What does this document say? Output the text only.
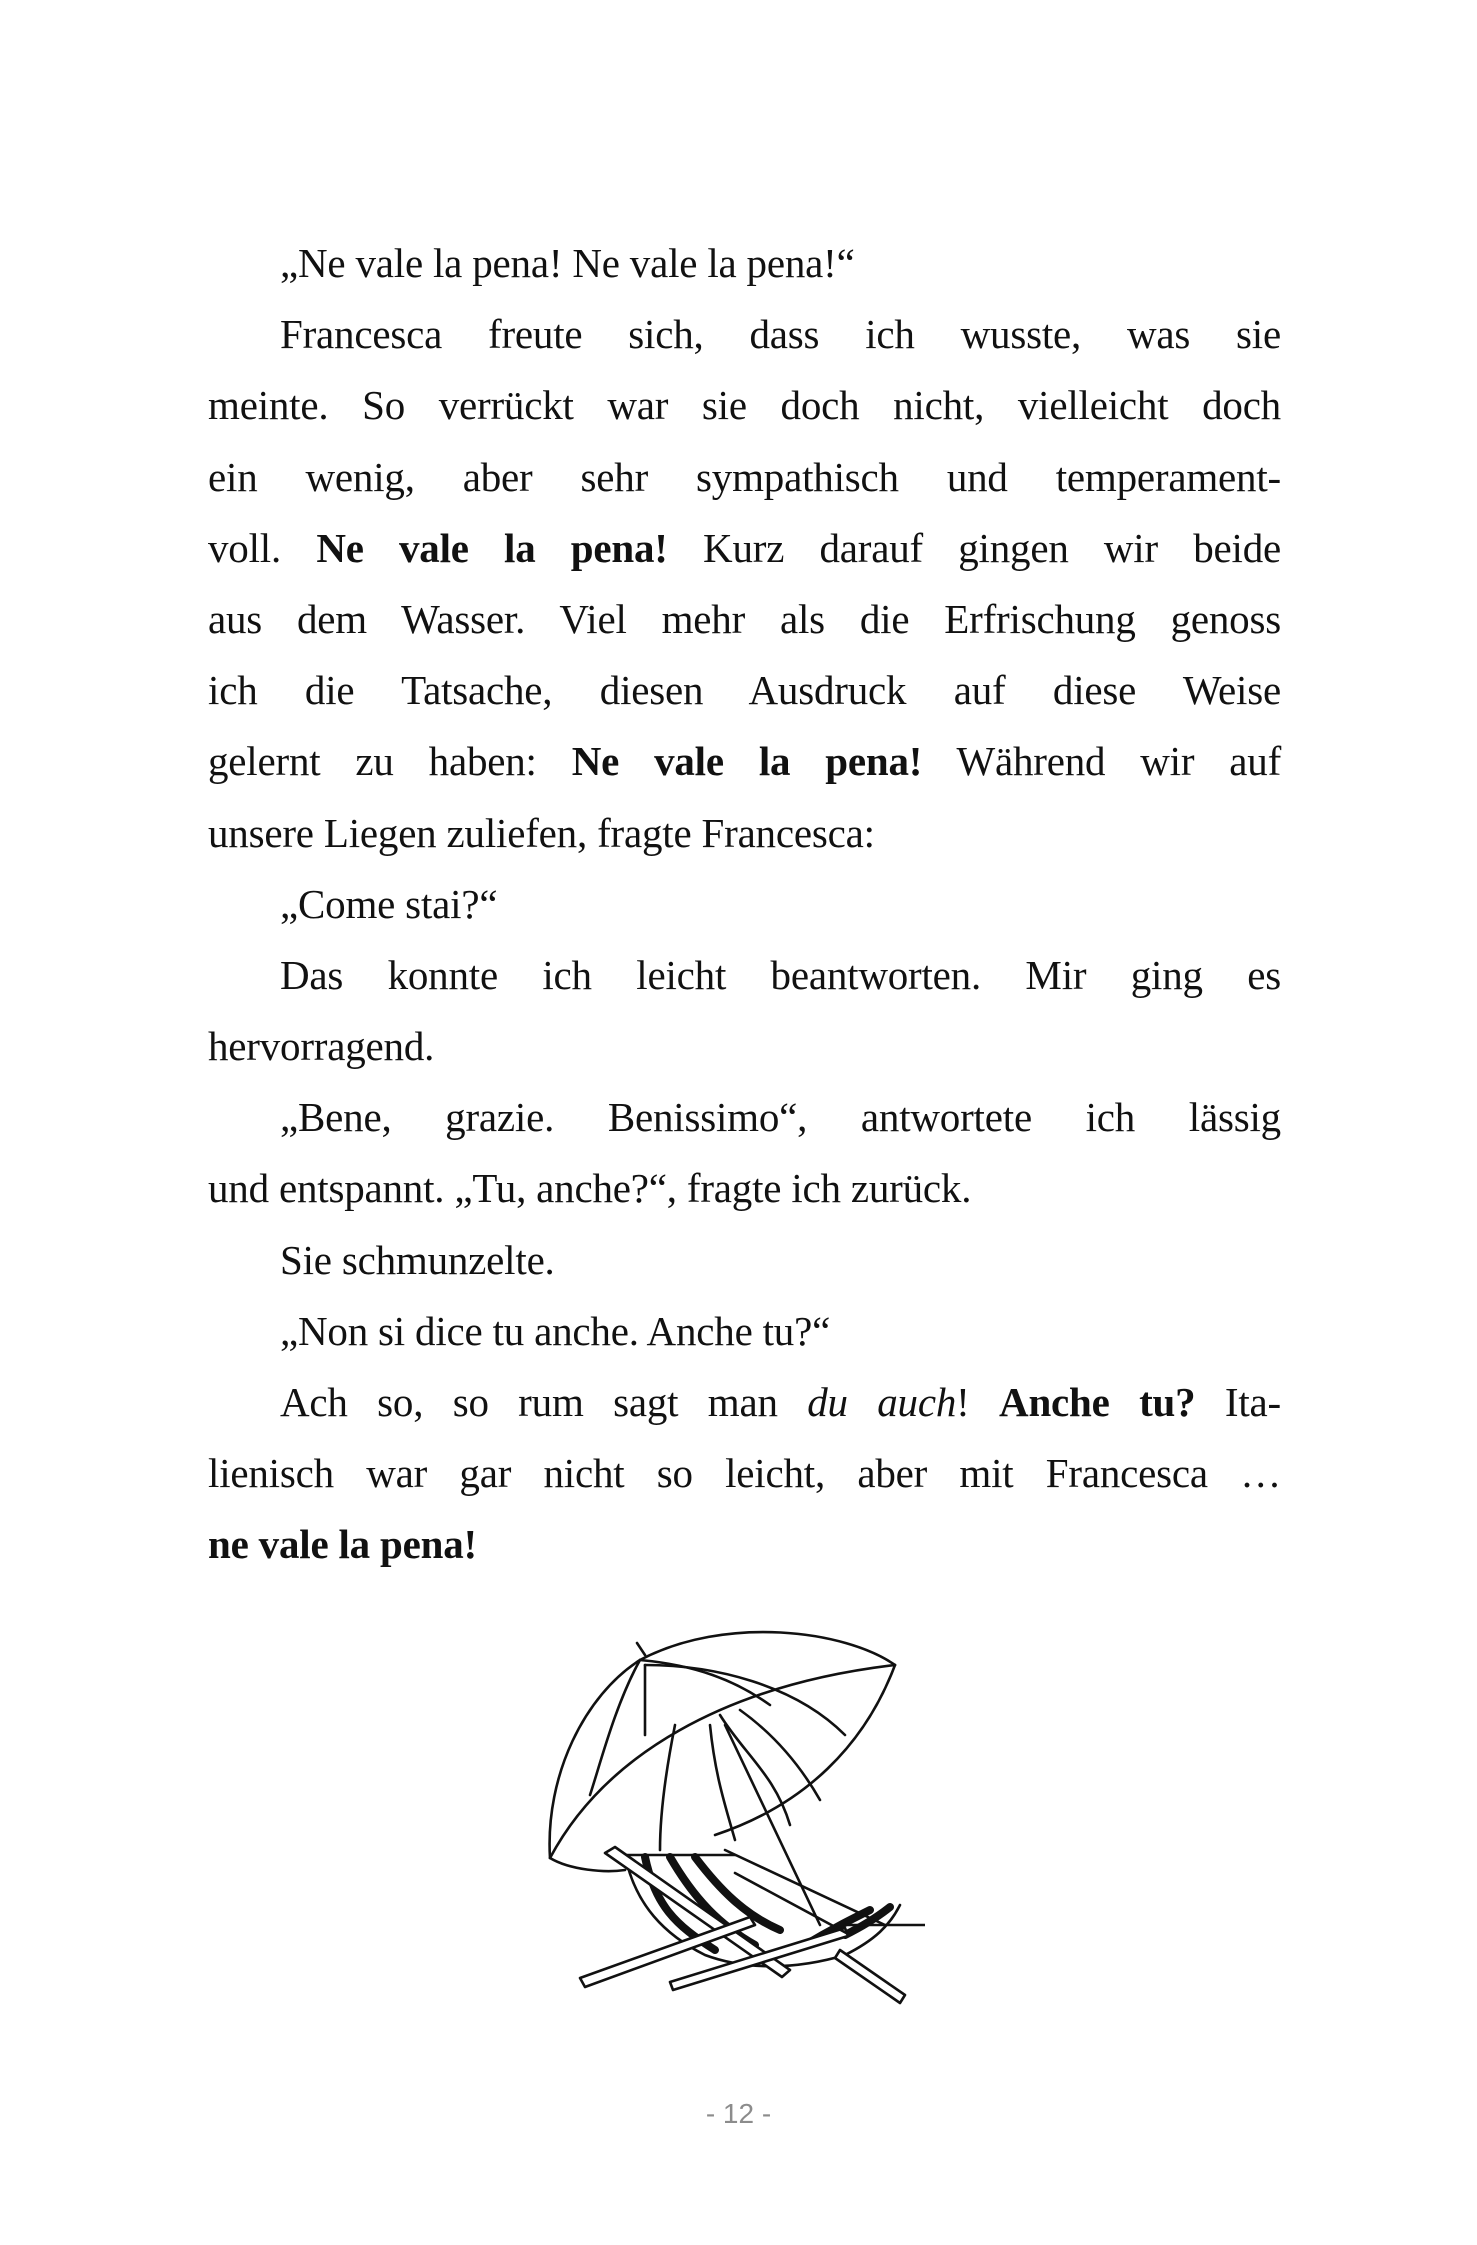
„Ne vale la pena! Ne vale la pena!“
Francesca freute sich, dass ich wusste, was sie
meinte. So verrückt war sie doch nicht, vielleicht doch
ein wenig, aber sehr sympathisch und temperament-
voll. Ne vale la pena! Kurz darauf gingen wir beide
aus dem Wasser. Viel mehr als die Erfrischung genoss
ich die Tatsache, diesen Ausdruck auf diese Weise
gelernt zu haben: Ne vale la pena! Während wir auf
unsere Liegen zuliefen, fragte Francesca:
„Come stai?“
Das konnte ich leicht beantworten. Mir ging es
hervorragend.
„Bene, grazie. Benissimo“, antwortete ich lässig
und entspannt. „Tu, anche?“, fragte ich zurück.
Sie schmunzelte.
„Non si dice tu anche. Anche tu?“
Ach so, so rum sagt man du auch! Anche tu? Ita-
lienisch war gar nicht so leicht, aber mit Francesca …
ne vale la pena!
- 12 -
